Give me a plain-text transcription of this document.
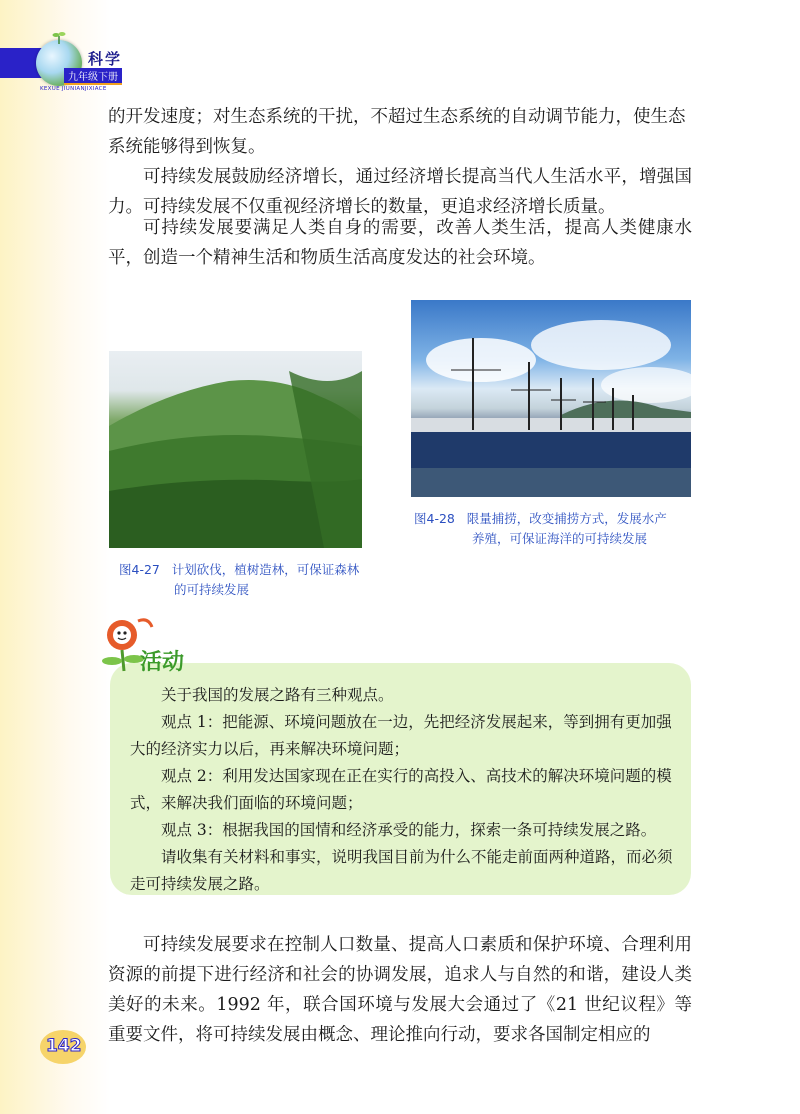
科学
九年级下册
KEXUE JIUNIANJIXIACE

的开发速度；对生态系统的干扰，不超过生态系统的自动调节能力，使生态
系统能够得到恢复。

可持续发展鼓励经济增长，通过经济增长提高当代人生活水平，增强国力。可持续发展不仅重视经济增长的数量，更追求经济增长质量。

可持续发展要满足人类自身的需要，改善人类生活，提高人类健康水平，创造一个精神生活和物质生活高度发达的社会环境。

图4-28 限量捕捞，改变捕捞方式，发展水产
养殖，可保证海洋的可持续发展
图4-27 计划砍伐，植树造林，可保证森林
的可持续发展
活动

关于我国的发展之路有三种观点。

观点 1：把能源、环境问题放在一边，先把经济发展起来，等到拥有更加强大的经济实力以后，再来解决环境问题；

观点 2：利用发达国家现在正在实行的高投入、高技术的解决环境问题的模式，来解决我们面临的环境问题；

观点 3：根据我国的国情和经济承受的能力，探索一条可持续发展之路。

请收集有关材料和事实，说明我国目前为什么不能走前面两种道路，而必须走可持续发展之路。

可持续发展要求在控制人口数量、提高人口素质和保护环境、合理利用资源的前提下进行经济和社会的协调发展，追求人与自然的和谐，建设人类美好的未来。1992 年，联合国环境与发展大会通过了《21 世纪议程》等重要文件，将可持续发展由概念、理论推向行动，要求各国制定相应的

142
